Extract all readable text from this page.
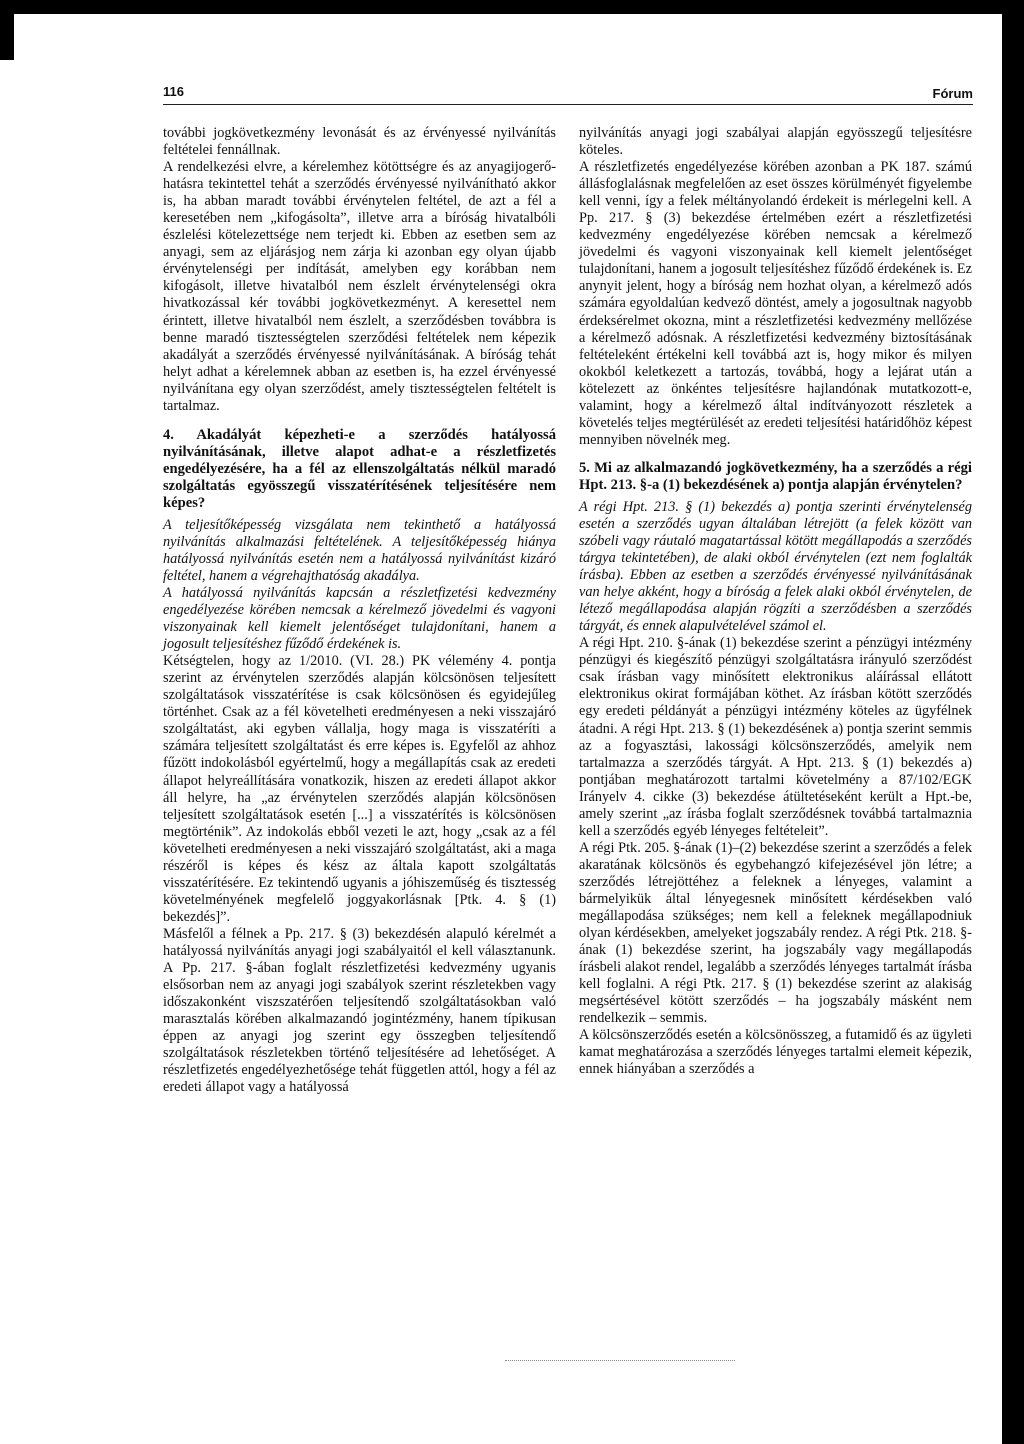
116	Fórum

további jogkövetkezmény levonását és az érvényessé nyilvánítás feltételei fennállnak.

A rendelkezési elvre, a kérelemhez kötöttségre és az anyagijogerő-hatásra tekintettel tehát a szerződés érvényessé nyilvánítható akkor is, ha abban maradt további érvénytelen feltétel, de azt a fél a keresetében nem „kifogásolta”, illetve arra a bíróság hivatalbóli észlelési kötelezettsége nem terjedt ki. Ebben az esetben sem az anyagi, sem az eljárásjog nem zárja ki azonban egy olyan újabb érvénytelenségi per indítását, amelyben egy korábban nem kifogásolt, illetve hivatalból nem észlelt érvénytelenségi okra hivatkozással kér további jogkövetkezményt. A keresettel nem érintett, illetve hivatalból nem észlelt, a szerződésben továbbra is benne maradó tisztességtelen szerződési feltételek nem képezik akadályát a szerződés érvényessé nyilvánításának. A bíróság tehát helyt adhat a kérelemnek abban az esetben is, ha ezzel érvényessé nyilvánítana egy olyan szerződést, amely tisztességtelen feltételt is tartalmaz.

4. Akadályát képezheti-e a szerződés hatályossá nyilvánításának, illetve alapot adhat-e a részletfizetés engedélyezésére, ha a fél az ellenszolgáltatás nélkül maradó szolgáltatás egyösszegű visszatérítésének teljesítésére nem képes?

A teljesítőképesség vizsgálata nem tekinthető a hatályossá nyilvánítás alkalmazási feltételének. A teljesítőképesség hiánya hatályossá nyilvánítás esetén nem a hatályossá nyilvánítást kizáró feltétel, hanem a végrehajthatóság akadálya.

A hatályossá nyilvánítás kapcsán a részletfizetési kedvezmény engedélyezése körében nemcsak a kérelmező jövedelmi és vagyoni viszonyainak kell kiemelt jelentőséget tulajdonítani, hanem a jogosult teljesítéshez fűződő érdekének is.

Kétségtelen, hogy az 1/2010. (VI. 28.) PK vélemény 4. pontja szerint az érvénytelen szerződés alapján kölcsönösen teljesített szolgáltatások visszatérítése is csak kölcsönösen és egyidejűleg történhet. Csak az a fél követelheti eredményesen a neki visszajáró szolgáltatást, aki egyben vállalja, hogy maga is visszatéríti a számára teljesített szolgáltatást és erre képes is. Egyfelől az ahhoz fűzött indokolásból egyértelmű, hogy a megállapítás csak az eredeti állapot helyreállítására vonatkozik, hiszen az eredeti állapot akkor áll helyre, ha „az érvénytelen szerződés alapján kölcsönösen teljesített szolgáltatások esetén [...] a visszatérítés is kölcsönösen megtörténik”. Az indokolás ebből vezeti le azt, hogy „csak az a fél követelheti eredményesen a neki visszajáró szolgáltatást, aki a maga részéről is képes és kész az általa kapott szolgáltatás visszatérítésére. Ez tekintendő ugyanis a jóhiszeműség és tisztesség követelményének megfelelő joggyakorlásnak [Ptk. 4. § (1) bekezdés]”.

Másfelől a félnek a Pp. 217. § (3) bekezdésén alapuló kérelmét a hatályossá nyilvánítás anyagi jogi szabályaitól el kell választanunk. A Pp. 217. §-ában foglalt részletfizetési kedvezmény ugyanis elsősorban nem az anyagi jogi szabályok szerint részletekben vagy időszakonként viszszatérően teljesítendő szolgáltatásokban való marasztalás körében alkalmazandó jogintézmény, hanem típikusan éppen az anyagi jog szerint egy összegben teljesítendő szolgáltatások részletekben történő teljesítésére ad lehetőséget. A részletfizetés engedélyezhetősége tehát független attól, hogy a fél az eredeti állapot vagy a hatályossá

nyilvánítás anyagi jogi szabályai alapján egyösszegű teljesítésre köteles.

A részletfizetés engedélyezése körében azonban a PK 187. számú állásfoglalásnak megfelelően az eset összes körülményét figyelembe kell venni, így a felek méltányolandó érdekeit is mérlegelni kell. A Pp. 217. § (3) bekezdése értelmében ezért a részletfizetési kedvezmény engedélyezése körében nemcsak a kérelmező jövedelmi és vagyoni viszonyainak kell kiemelt jelentőséget tulajdonítani, hanem a jogosult teljesítéshez fűződő érdekének is. Ez anynyit jelent, hogy a bíróság nem hozhat olyan, a kérelmező adós számára egyoldalúan kedvező döntést, amely a jogosultnak nagyobb érdeksérelmet okozna, mint a részletfizetési kedvezmény mellőzése a kérelmező adósnak. A részletfizetési kedvezmény biztosításának feltételeként értékelni kell továbbá azt is, hogy mikor és milyen okokból keletkezett a tartozás, továbbá, hogy a lejárat után a kötelezett az önkéntes teljesítésre hajlandónak mutatkozott-e, valamint, hogy a kérelmező által indítványozott részletek a követelés teljes megtérülését az eredeti teljesítési határidőhöz képest mennyiben növelnék meg.

5. Mi az alkalmazandó jogkövetkezmény, ha a szerződés a régi Hpt. 213. §-a (1) bekezdésének a) pontja alapján érvénytelen?

A régi Hpt. 213. § (1) bekezdés a) pontja szerinti érvénytelenség esetén a szerződés ugyan általában létrejött (a felek között van szóbeli vagy ráutaló magatartással kötött megállapodás a szerződés tárgya tekintetében), de alaki okból érvénytelen (ezt nem foglalták írásba). Ebben az esetben a szerződés érvényessé nyilvánításának van helye akként, hogy a bíróság a felek alaki okból érvénytelen, de létező megállapodása alapján rögzíti a szerződésben a szerződés tárgyát, és ennek alapulvételével számol el.

A régi Hpt. 210. §-ának (1) bekezdése szerint a pénzügyi intézmény pénzügyi és kiegészítő pénzügyi szolgáltatásra irányuló szerződést csak írásban vagy minősített elektronikus aláírással ellátott elektronikus okirat formájában köthet. Az írásban kötött szerződés egy eredeti példányát a pénzügyi intézmény köteles az ügyfélnek átadni. A régi Hpt. 213. § (1) bekezdésének a) pontja szerint semmis az a fogyasztási, lakossági kölcsönszerződés, amelyik nem tartalmazza a szerződés tárgyát. A Hpt. 213. § (1) bekezdés a) pontjában meghatározott tartalmi követelmény a 87/102/EGK Irányelv 4. cikke (3) bekezdése átültetéseként került a Hpt.-be, amely szerint „az írásba foglalt szerződésnek továbbá tartalmaznia kell a szerződés egyéb lényeges feltételeit”.

A régi Ptk. 205. §-ának (1)–(2) bekezdése szerint a szerződés a felek akaratának kölcsönös és egybehangzó kifejezésével jön létre; a szerződés létrejöttéhez a feleknek a lényeges, valamint a bármelyikük által lényegesnek minősített kérdésekben való megállapodása szükséges; nem kell a feleknek megállapodniuk olyan kérdésekben, amelyeket jogszabály rendez. A régi Ptk. 218. §-ának (1) bekezdése szerint, ha jogszabály vagy megállapodás írásbeli alakot rendel, legalább a szerződés lényeges tartalmát írásba kell foglalni. A régi Ptk. 217. § (1) bekezdése szerint az alakiság megsértésével kötött szerződés – ha jogszabály másként nem rendelkezik – semmis.

A kölcsönszerződés esetén a kölcsönösszeg, a futamidő és az ügyleti kamat meghatározása a szerződés lényeges tartalmi elemeit képezik, ennek hiányában a szerződés a
